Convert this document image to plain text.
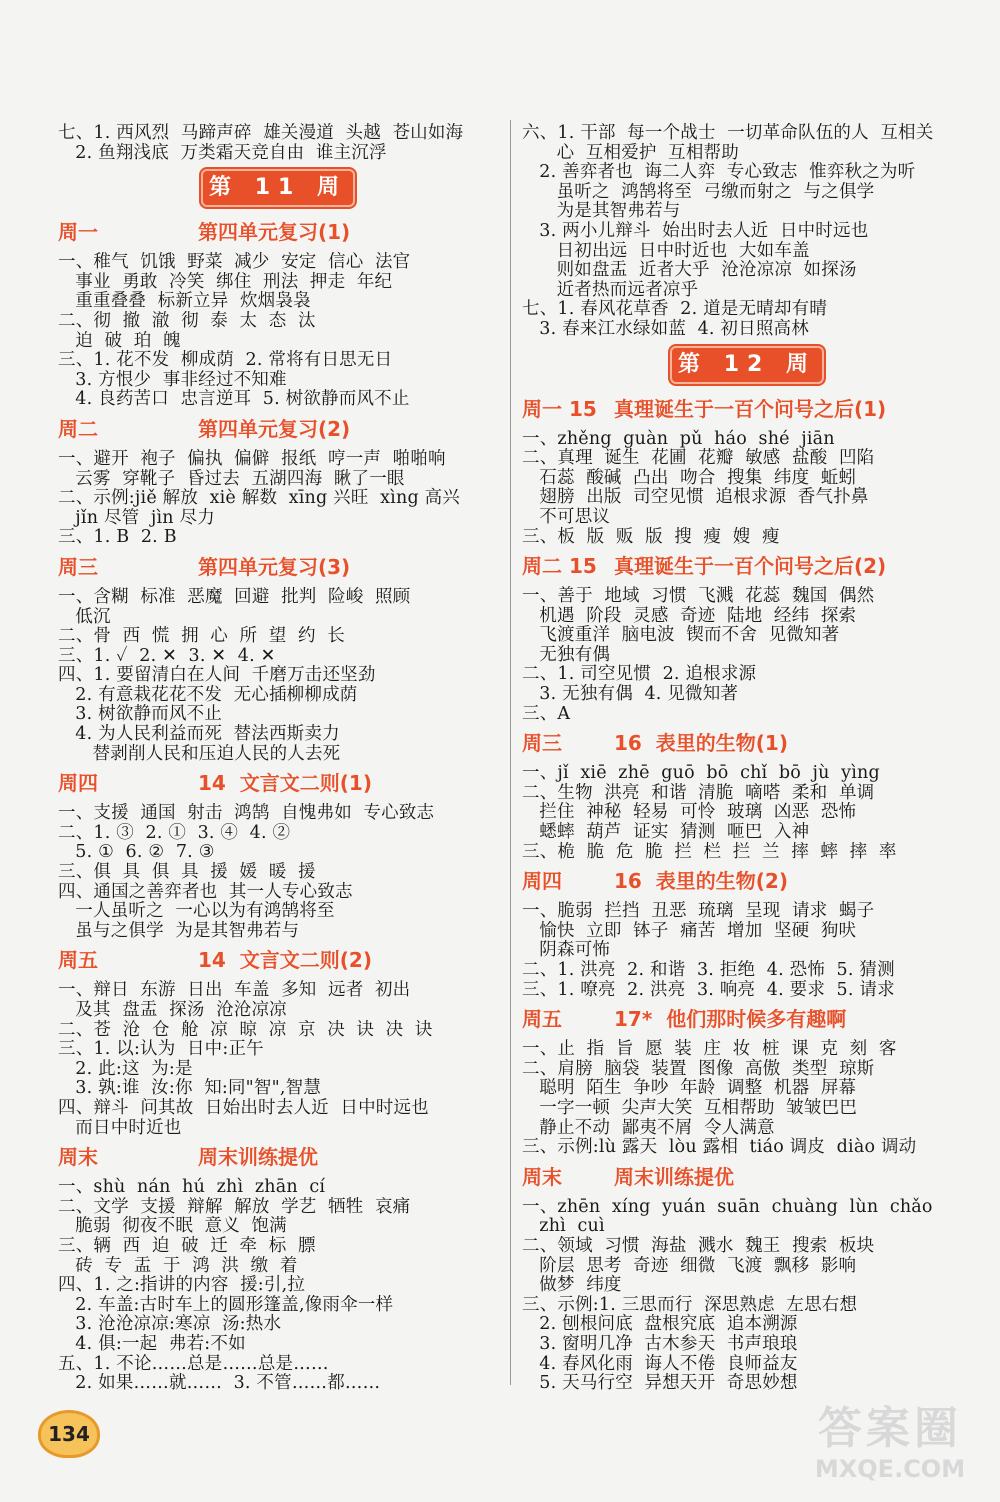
七、1. 西风烈  马蹄声碎  雄关漫道  头越  苍山如海
2. 鱼翔浅底  万类霜天竞自由  谁主沉浮
第 11 周
周一	第四单元复习(1)
一、稚气  饥饿  野菜  减少  安定  信心  法官
事业  勇敢  冷笑  绑住  刑法  押走  年纪
重重叠叠  标新立异  炊烟袅袅
二、彻  撤  澈  彻  泰  太  态  汰
迫  破  珀  魄
三、1. 花不发  柳成荫  2. 常将有日思无日
3. 方恨少  事非经过不知难
4. 良药苦口  忠言逆耳  5. 树欲静而风不止
周二	第四单元复习(2)
一、避开  袍子  偏执  偏僻  报纸  哼一声  啪啪响
云雾  穿靴子  昏过去  五湖四海  瞅了一眼
二、示例:jiě 解放  xiè 解数  xīng 兴旺  xìng 高兴
jǐn 尽管  jìn 尽力
三、1. B  2. B
周三	第四单元复习(3)
一、含糊  标准  恶魔  回避  批判  险峻  照顾
低沉
二、骨  西  慌  拥  心  所  望  约  长
三、1. ✓  2. ✕  3. ✕  4. ✕
四、1. 要留清白在人间  千磨万击还坚劲
2. 有意栽花花不发  无心插柳柳成荫
3. 树欲静而风不止
4. 为人民利益而死  替法西斯卖力
替剥削人民和压迫人民的人去死
周四	14  文言文二则(1)
一、支援  通国  射击  鸿鹄  自愧弗如  专心致志
二、1. ③  2. ①  3. ④  4. ②
5. ①  6. ②  7. ③
三、俱  具  俱  具  援  媛  暖  援
四、通国之善弈者也  其一人专心致志
一人虽听之  一心以为有鸿鹄将至
虽与之俱学  为是其智弗若与
周五	14  文言文二则(2)
一、辩日  东游  日出  车盖  多知  远者  初出
及其  盘盂  探汤  沧沧凉凉
二、苍  沧  仓  舱  凉  晾  凉  京  决  诀  决  诀
三、1. 以:认为  日中:正午
2. 此:这  为:是
3. 孰:谁  汝:你  知:同"智",智慧
四、辩斗  问其故  日始出时去人近  日中时远也
而日中时近也
周末	周末训练提优
一、shù  nán  hú  zhì  zhān  cí
二、文学  支援  辩解  解放  学艺  牺牲  哀痛
脆弱  彻夜不眠  意义  饱满
三、辆  西  迫  破  迁  牵  标  膘
砖  专  盂  于  鸿  洪  缴  着
四、1. 之:指讲的内容  援:引,拉
2. 车盖:古时车上的圆形篷盖,像雨伞一样
3. 沧沧凉凉:寒凉  汤:热水
4. 俱:一起  弗若:不如
五、1. 不论……总是……总是……
2. 如果……就……  3. 不管……都……
六、1. 干部  每一个战士  一切革命队伍的人  互相关
心  互相爱护  互相帮助
2. 善弈者也  诲二人弈  专心致志  惟弈秋之为听
虽听之  鸿鹄将至  弓缴而射之  与之俱学
为是其智弗若与
3. 两小儿辩斗  始出时去人近  日中时远也
日初出远  日中时近也  大如车盖
则如盘盂  近者大乎  沧沧凉凉  如探汤
近者热而远者凉乎
七、1. 春风花草香  2. 道是无晴却有晴
3. 春来江水绿如蓝  4. 初日照高林
第 12 周
周一 15 真理诞生于一百个问号之后(1)
一、zhěng  guàn  pǔ  háo  shé  jiān
二、真理  诞生  花圃  花瓣  敏感  盐酸  凹陷
石蕊  酸碱  凸出  吻合  搜集  纬度  蚯蚓
翅膀  出版  司空见惯  追根求源  香气扑鼻
不可思议
三、板  版  贩  版  搜  瘦  嫂  瘦
周二 15 真理诞生于一百个问号之后(2)
一、善于  地域  习惯  飞溅  花蕊  魏国  偶然
机遇  阶段  灵感  奇迹  陆地  经纬  探索
飞渡重洋  脑电波  锲而不舍  见微知著
无独有偶
二、1. 司空见惯  2. 追根求源
3. 无独有偶  4. 见微知著
三、A
周三	16  表里的生物(1)
一、jǐ  xiē  zhē  guō  bō  chǐ  bō  jù  yìng
二、生物  洪亮  和谐  清脆  嘀嗒  柔和  单调
拦住  神秘  轻易  可怜  玻璃  凶恶  恐怖
蟋蟀  葫芦  证实  猜测  咂巴  入神
三、桅  脆  危  脆  拦  栏  拦  兰  摔  蟀  摔  率
周四	16  表里的生物(2)
一、脆弱  拦挡  丑恶  琉璃  呈现  请求  蝎子
愉快  立即  钵子  痛苦  增加  坚硬  狗吠
阴森可怖
二、1. 洪亮  2. 和谐  3. 拒绝  4. 恐怖  5. 猜测
三、1. 嘹亮  2. 洪亮  3. 响亮  4. 要求  5. 请求
周五	17*  他们那时候多有趣啊
一、止  指  旨  愿  装  庄  妆  桩  课  克  刻  客
二、肩膀  脑袋  装置  图像  高傲  类型  琼斯
聪明  陌生  争吵  年龄  调整  机器  屏幕
一字一顿  尖声大笑  互相帮助  皱皱巴巴
静止不动  鄙夷不屑  令人满意
三、示例:lù 露天  lòu 露相  tiáo 调皮  diào 调动
周末	周末训练提优
一、zhēn  xíng  yuán  suān  chuàng  lùn  chǎo
zhì  cuì
二、领域  习惯  海盐  溅水  魏王  搜索  板块
阶层  思考  奇迹  细微  飞渡  飘移  影响
做梦  纬度
三、示例:1. 三思而行  深思熟虑  左思右想
2. 刨根问底  盘根究底  追本溯源
3. 窗明几净  古木参天  书声琅琅
4. 春风化雨  诲人不倦  良师益友
5. 天马行空  异想天开  奇思妙想
134	答案圈
MXQE.COM
